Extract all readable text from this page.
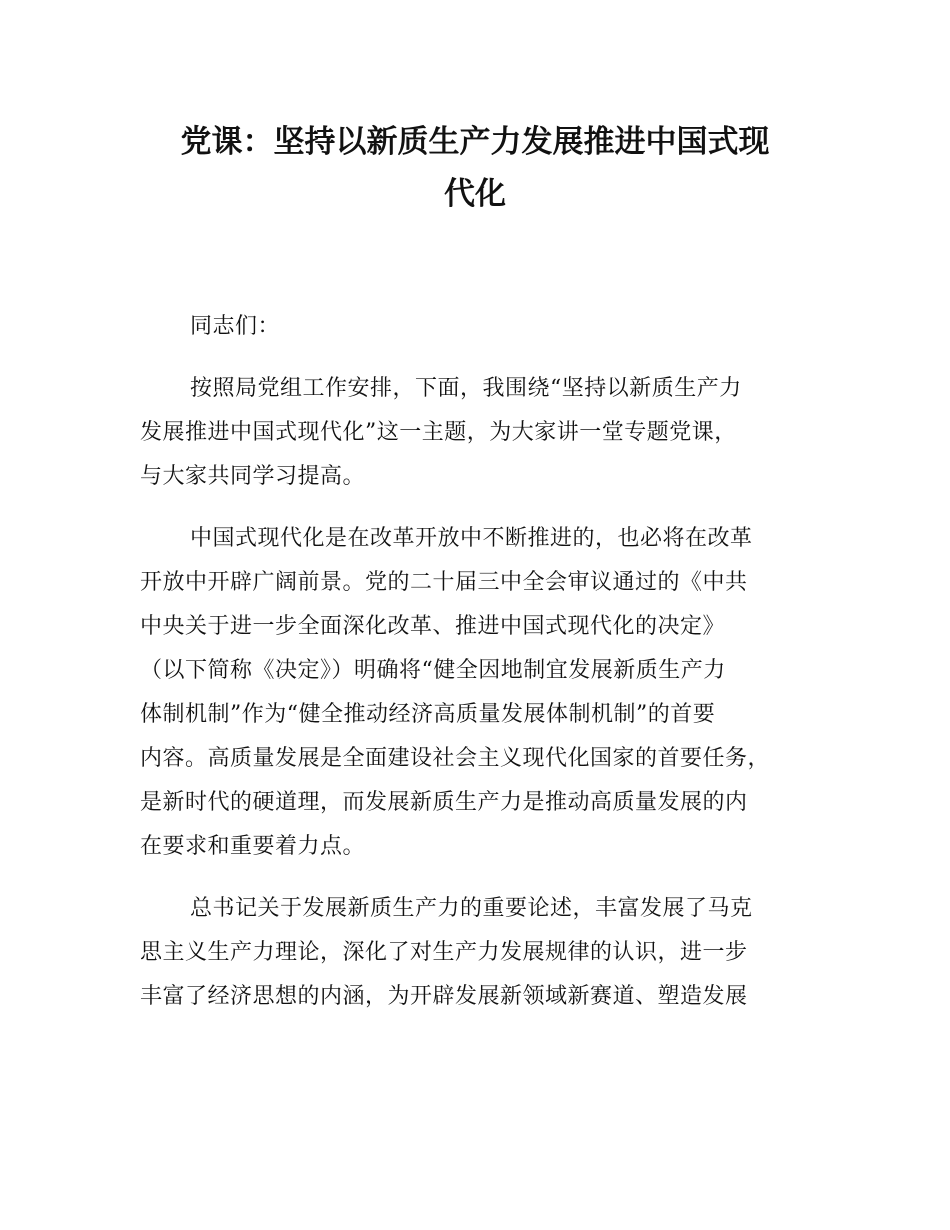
党课：坚持以新质生产力发展推进中国式现
代化

同志们：

按照局党组工作安排，下面，我围绕“坚持以新质生产力
发展推进中国式现代化”这一主题，为大家讲一堂专题党课，
与大家共同学习提高。

中国式现代化是在改革开放中不断推进的，也必将在改革
开放中开辟广阔前景。党的二十届三中全会审议通过的《中共
中央关于进一步全面深化改革、推进中国式现代化的决定》
（以下简称《决定》）明确将“健全因地制宜发展新质生产力
体制机制”作为“健全推动经济高质量发展体制机制”的首要
内容。高质量发展是全面建设社会主义现代化国家的首要任务，
是新时代的硬道理，而发展新质生产力是推动高质量发展的内
在要求和重要着力点。

总书记关于发展新质生产力的重要论述，丰富发展了马克
思主义生产力理论，深化了对生产力发展规律的认识，进一步
丰富了经济思想的内涵，为开辟发展新领域新赛道、塑造发展
